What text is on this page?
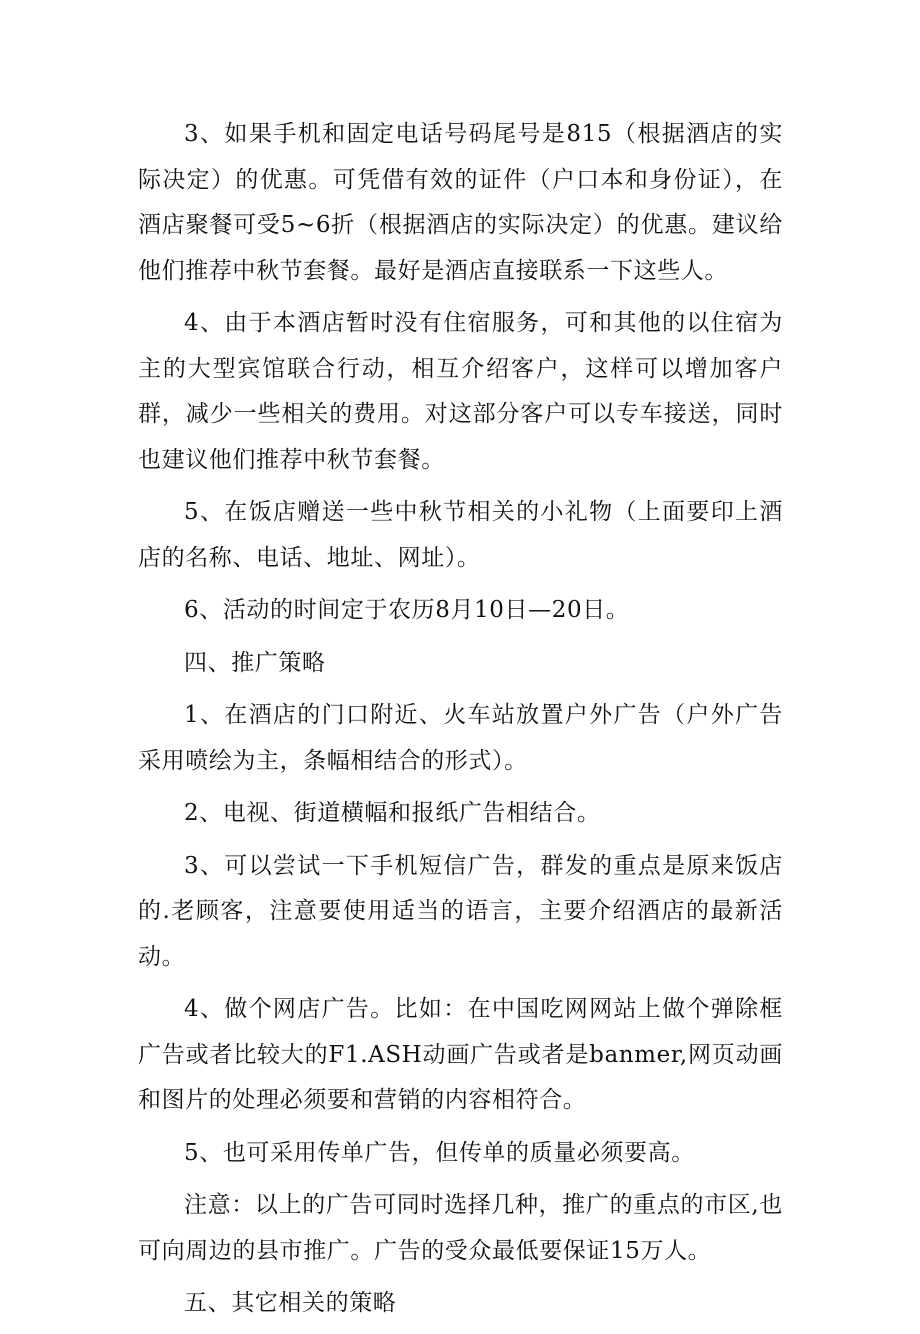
3、如果手机和固定电话号码尾号是815（根据酒店的实际决定）的优惠。可凭借有效的证件（户口本和身份证），在酒店聚餐可受5~6折（根据酒店的实际决定）的优惠。建议给他们推荐中秋节套餐。最好是酒店直接联系一下这些人。

4、由于本酒店暂时没有住宿服务，可和其他的以住宿为主的大型宾馆联合行动，相互介绍客户，这样可以增加客户群，减少一些相关的费用。对这部分客户可以专车接送，同时也建议他们推荐中秋节套餐。

5、在饭店赠送一些中秋节相关的小礼物（上面要印上酒店的名称、电话、地址、网址）。

6、活动的时间定于农历8月10日—20日。

四、推广策略

1、在酒店的门口附近、火车站放置户外广告（户外广告采用喷绘为主，条幅相结合的形式）。

2、电视、街道横幅和报纸广告相结合。

3、可以尝试一下手机短信广告，群发的重点是原来饭店的.老顾客，注意要使用适当的语言，主要介绍酒店的最新活动。

4、做个网店广告。比如：在中国吃网网站上做个弹除框广告或者比较大的F1.ASH动画广告或者是banmer,网页动画和图片的处理必须要和营销的内容相符合。

5、也可采用传单广告，但传单的质量必须要高。

注意：以上的广告可同时选择几种，推广的重点的市区,也可向周边的县市推广。广告的受众最低要保证15万人。

五、其它相关的策略
